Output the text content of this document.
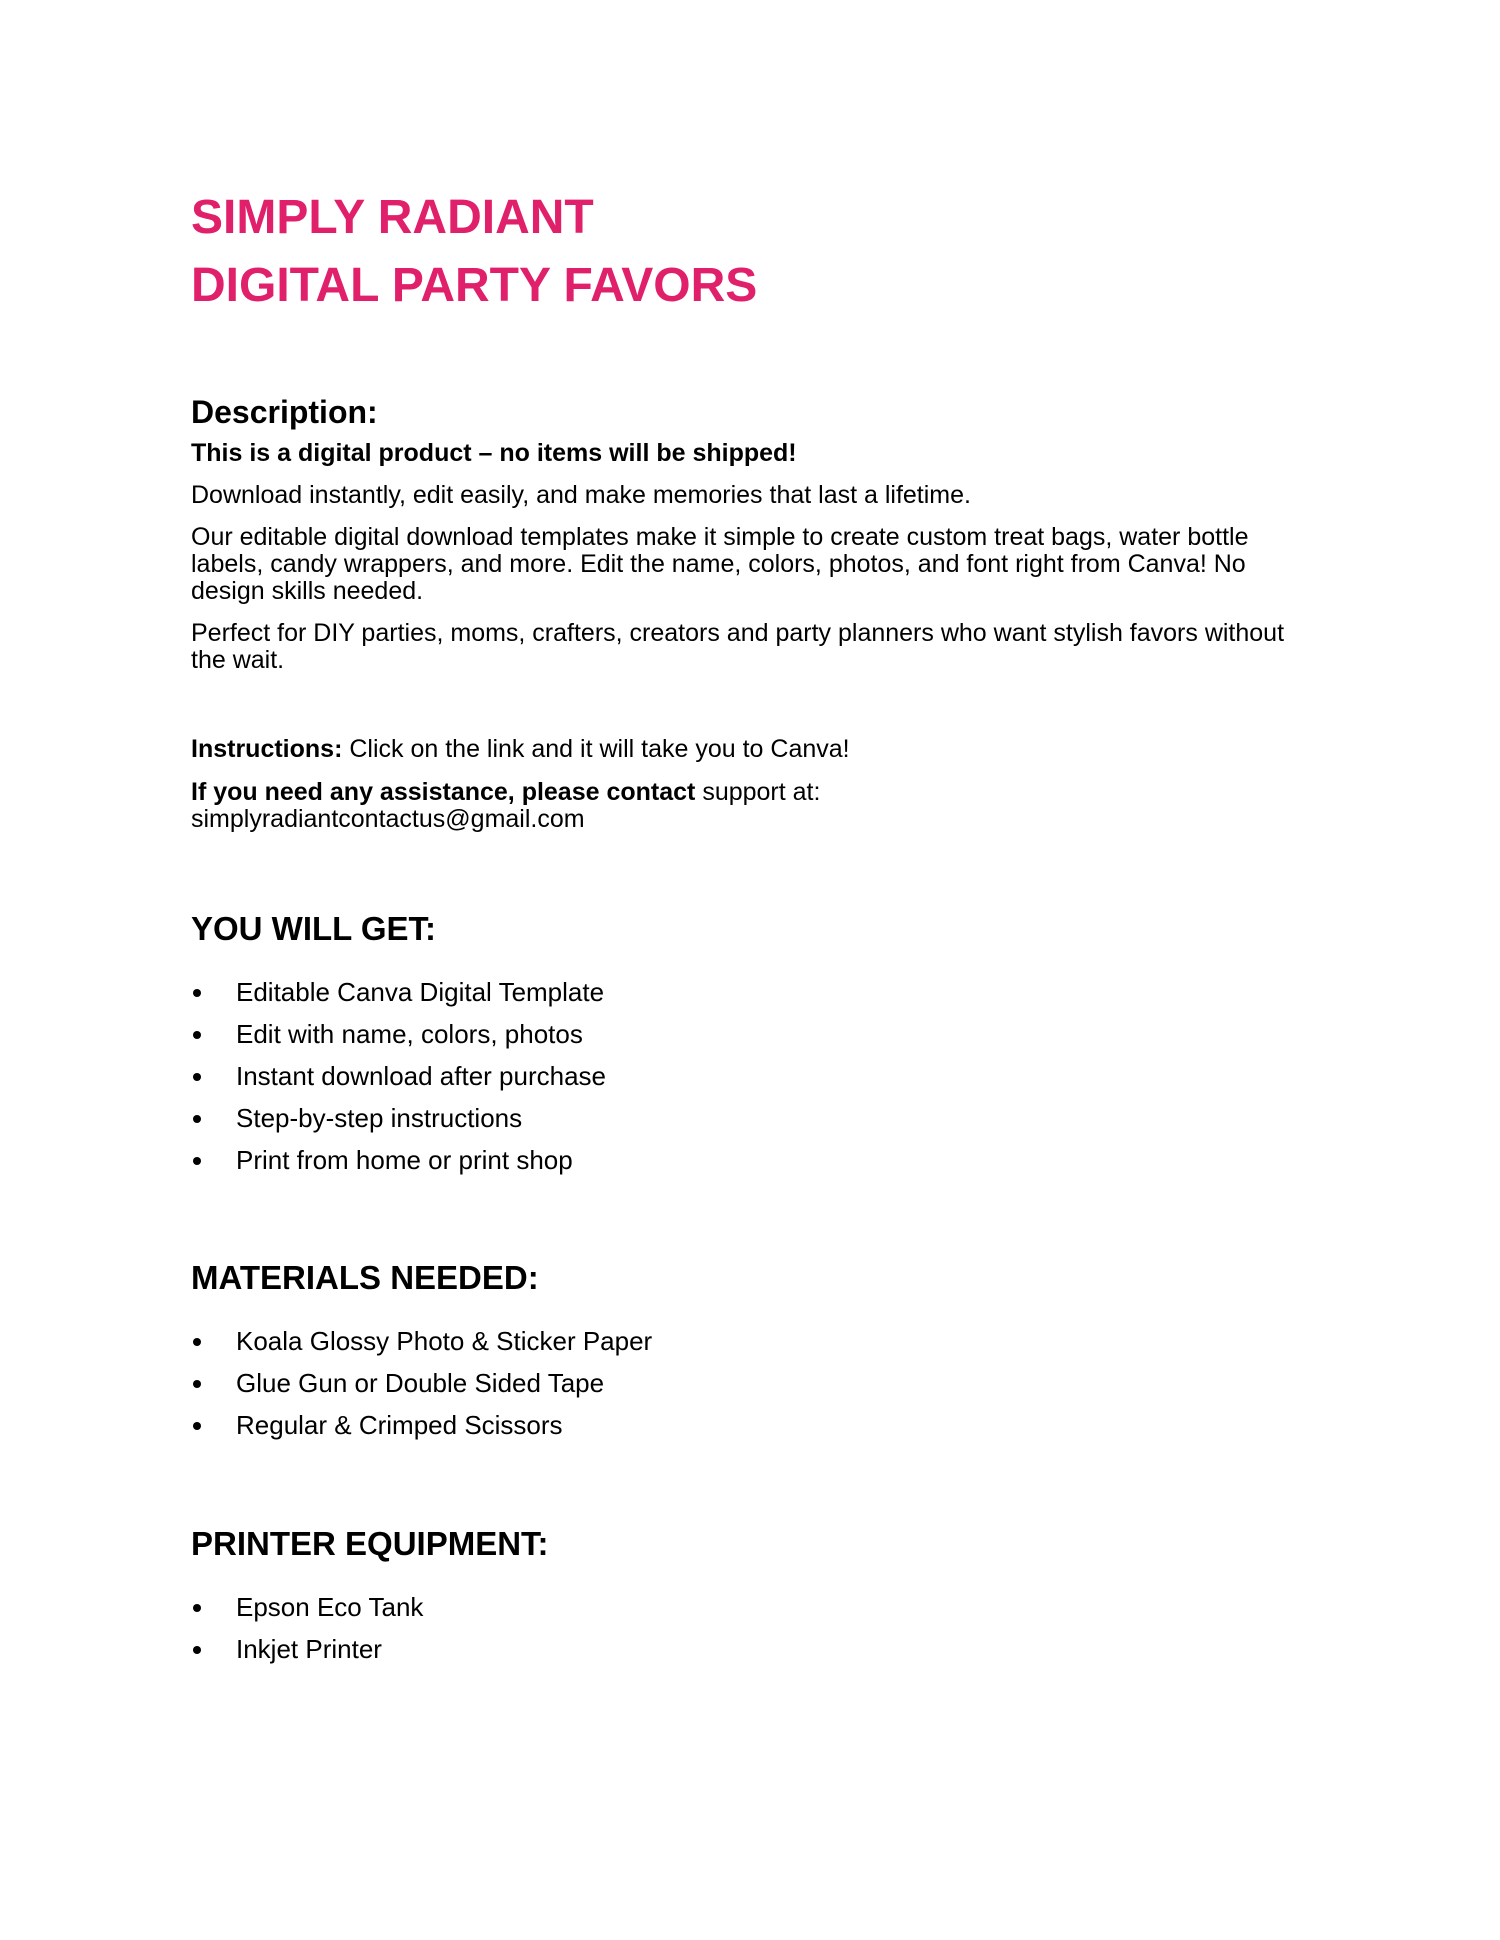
SIMPLY RADIANT
DIGITAL PARTY FAVORS
Description:

This is a digital product – no items will be shipped!

Download instantly, edit easily, and make memories that last a lifetime.

Our editable digital download templates make it simple to create custom treat bags, water bottle labels, candy wrappers, and more. Edit the name, colors, photos, and font right from Canva! No design skills needed.

Perfect for DIY parties, moms, crafters, creators and party planners who want stylish favors without the wait.

Instructions: Click on the link and it will take you to Canva!

If you need any assistance, please contact support at:
simplyradiantcontactus@gmail.com

YOU WILL GET:
Editable Canva Digital Template
Edit with name, colors, photos
Instant download after purchase
Step-by-step instructions
Print from home or print shop
MATERIALS NEEDED:
Koala Glossy Photo & Sticker Paper
Glue Gun or Double Sided Tape
Regular & Crimped Scissors
PRINTER EQUIPMENT:
Epson Eco Tank
Inkjet Printer
